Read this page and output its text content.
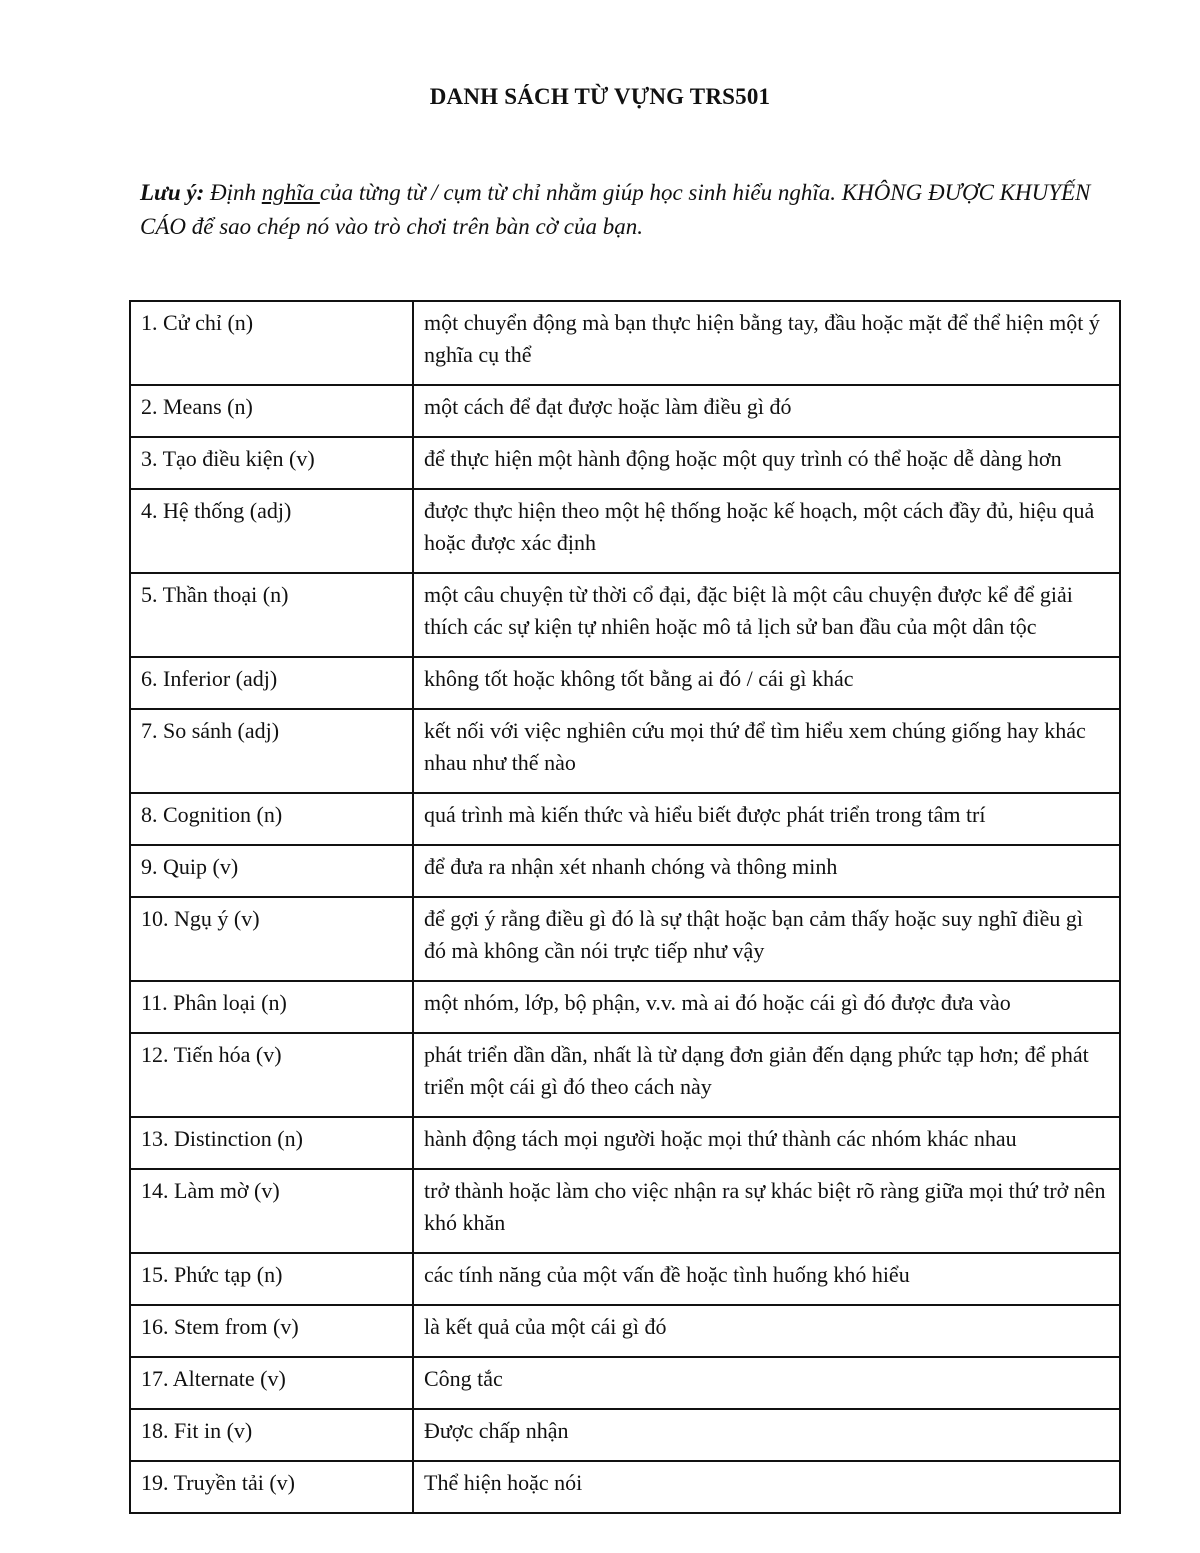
DANH SÁCH TỪ VỰNG TRS501
Lưu ý: Định nghĩa của từng từ / cụm từ chỉ nhằm giúp học sinh hiểu nghĩa. KHÔNG ĐƯỢC KHUYẾN CÁO để sao chép nó vào trò chơi trên bàn cờ của bạn.
1. Cử chỉ (n)	một chuyển động mà bạn thực hiện bằng tay, đầu hoặc mặt để thể hiện một ý nghĩa cụ thể
2. Means (n)	một cách để đạt được hoặc làm điều gì đó
3. Tạo điều kiện (v)	để thực hiện một hành động hoặc một quy trình có thể hoặc dễ dàng hơn
4. Hệ thống (adj)	được thực hiện theo một hệ thống hoặc kế hoạch, một cách đầy đủ, hiệu quả hoặc được xác định
5. Thần thoại (n)	một câu chuyện từ thời cổ đại, đặc biệt là một câu chuyện được kể để giải thích các sự kiện tự nhiên hoặc mô tả lịch sử ban đầu của một dân tộc
6. Inferior (adj)	không tốt hoặc không tốt bằng ai đó / cái gì khác
7. So sánh (adj)	kết nối với việc nghiên cứu mọi thứ để tìm hiểu xem chúng giống hay khác nhau như thế nào
8. Cognition (n)	quá trình mà kiến thức và hiểu biết được phát triển trong tâm trí
9. Quip (v)	để đưa ra nhận xét nhanh chóng và thông minh
10. Ngụ ý (v)	để gợi ý rằng điều gì đó là sự thật hoặc bạn cảm thấy hoặc suy nghĩ điều gì đó mà không cần nói trực tiếp như vậy
11. Phân loại (n)	một nhóm, lớp, bộ phận, v.v. mà ai đó hoặc cái gì đó được đưa vào
12. Tiến hóa (v)	phát triển dần dần, nhất là từ dạng đơn giản đến dạng phức tạp hơn; để phát triển một cái gì đó theo cách này
13. Distinction (n)	hành động tách mọi người hoặc mọi thứ thành các nhóm khác nhau
14. Làm mờ (v)	trở thành hoặc làm cho việc nhận ra sự khác biệt rõ ràng giữa mọi thứ trở nên khó khăn
15. Phức tạp (n)	các tính năng của một vấn đề hoặc tình huống khó hiểu
16. Stem from (v)	là kết quả của một cái gì đó
17. Alternate (v)	Công tắc
18. Fit in (v)	Được chấp nhận
19. Truyền tải (v)	Thể hiện hoặc nói
